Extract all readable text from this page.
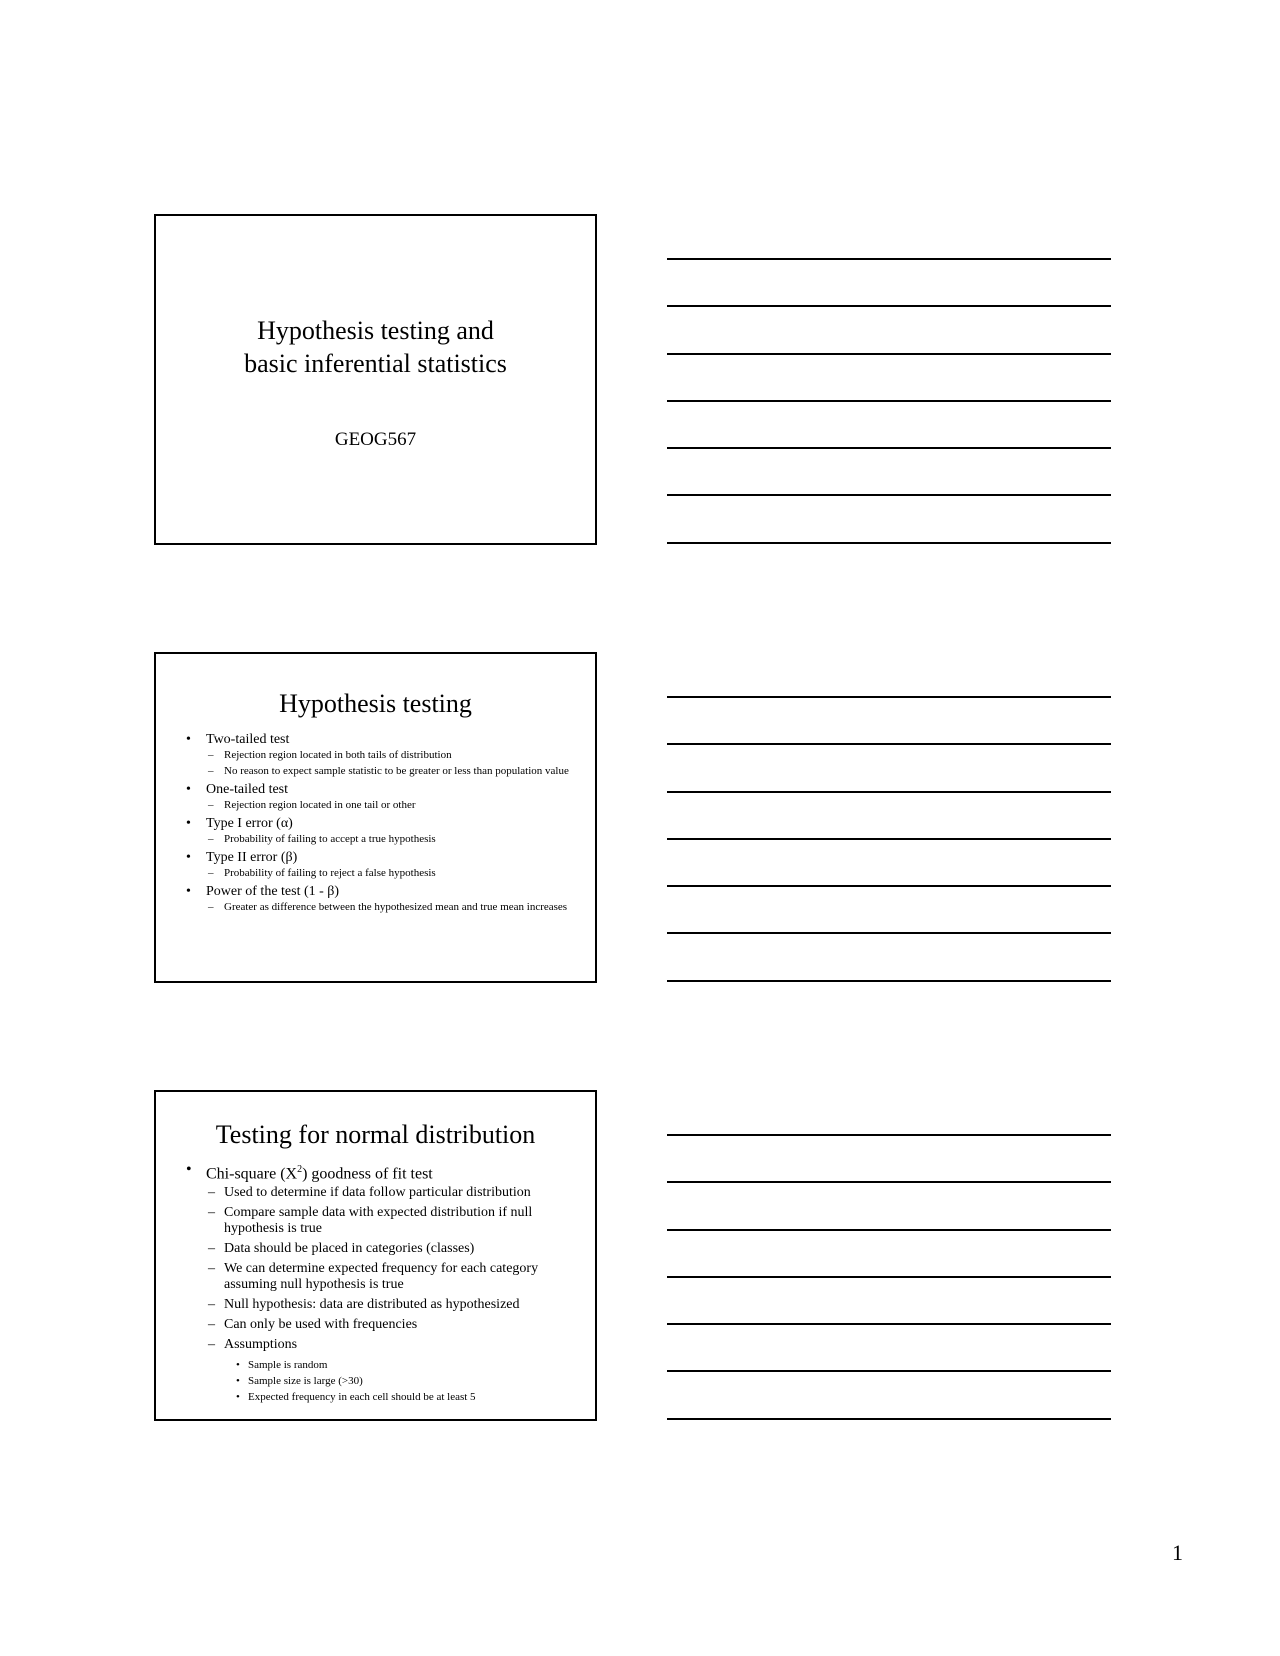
Hypothesis testing and
basic inferential statistics
GEOG567
Hypothesis testing
• Two-tailed test
– Rejection region located in both tails of distribution
– No reason to expect sample statistic to be greater or less than population value
• One-tailed test
– Rejection region located in one tail or other
• Type I error (α)
– Probability of failing to accept a true hypothesis
• Type II error (β)
– Probability of failing to reject a false hypothesis
• Power of the test (1 - β)
– Greater as difference between the hypothesized mean and true mean increases
Testing for normal distribution
• Chi-square $(X^2)$ goodness of fit test
– Used to determine if data follow particular distribution
– Compare sample data with expected distribution if null hypothesis is true
– Data should be placed in categories (classes)
– We can determine expected frequency for each category assuming null hypothesis is true
– Null hypothesis: data are distributed as hypothesized
– Can only be used with frequencies
– Assumptions
• Sample is random
• Sample size is large (>30)
• Expected frequency in each cell should be at least 5
1
